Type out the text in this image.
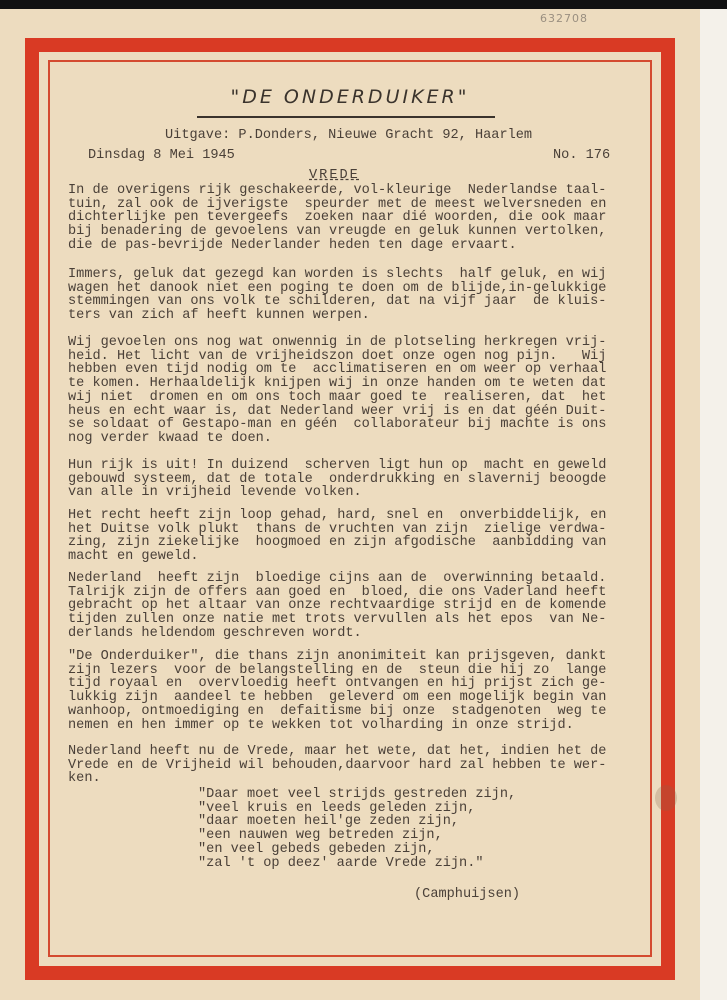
632708
"DE ONDERDUIKER"
Uitgave: P.Donders, Nieuwe Gracht 92, Haarlem
Dinsdag 8 Mei 1945	No. 176
VREDE
In de overigens rijk geschakeerde, vol-kleurige  Nederlandse taal-
tuin, zal ook de ijverigste  speurder met de meest welversneden en
dichterlijke pen tevergeefs  zoeken naar dié woorden, die ook maar
bij benadering de gevoelens van vreugde en geluk kunnen vertolken,
die de pas-bevrijde Nederlander heden ten dage ervaart.
Immers, geluk dat gezegd kan worden is slechts  half geluk, en wij
wagen het danook niet een poging te doen om de blijde,in-gelukkige
stemmingen van ons volk te schilderen, dat na vijf jaar  de kluis-
ters van zich af heeft kunnen werpen.
Wij gevoelen ons nog wat onwennig in de plotseling herkregen vrij-
heid. Het licht van de vrijheidszon doet onze ogen nog pijn.   Wij
hebben even tijd nodig om te  acclimatiseren en om weer op verhaal
te komen. Herhaaldelijk knijpen wij in onze handen om te weten dat
wij niet  dromen en om ons toch maar goed te  realiseren, dat  het
heus en echt waar is, dat Nederland weer vrij is en dat géén Duit-
se soldaat of Gestapo-man en géén  collaborateur bij machte is ons
nog verder kwaad te doen.
Hun rijk is uit! In duizend  scherven ligt hun op  macht en geweld
gebouwd systeem, dat de totale  onderdrukking en slavernij beoogde
van alle in vrijheid levende volken.
Het recht heeft zijn loop gehad, hard, snel en  onverbiddelijk, en
het Duitse volk plukt  thans de vruchten van zijn  zielige verdwa-
zing, zijn ziekelijke  hoogmoed en zijn afgodische  aanbidding van
macht en geweld.
Nederland  heeft zijn  bloedige cijns aan de  overwinning betaald.
Talrijk zijn de offers aan goed en  bloed, die ons Vaderland heeft
gebracht op het altaar van onze rechtvaardige strijd en de komende
tijden zullen onze natie met trots vervullen als het epos  van Ne-
derlands heldendom geschreven wordt.
"De Onderduiker", die thans zijn anonimiteit kan prijsgeven, dankt
zijn lezers  voor de belangstelling en de  steun die hij zo  lange
tijd royaal en  overvloedig heeft ontvangen en hij prijst zich ge-
lukkig zijn  aandeel te hebben  geleverd om een mogelijk begin van
wanhoop, ontmoediging en  defaitisme bij onze  stadgenoten  weg te
nemen en hen immer op te wekken tot volharding in onze strijd.
Nederland heeft nu de Vrede, maar het wete, dat het, indien het de
Vrede en de Vrijheid wil behouden,daarvoor hard zal hebben te wer-
ken.
"Daar moet veel strijds gestreden zijn,
"veel kruis en leeds geleden zijn,
"daar moeten heil'ge zeden zijn,
"een nauwen weg betreden zijn,
"en veel gebeds gebeden zijn,
"zal 't op deez' aarde Vrede zijn."
(Camphuijsen)
